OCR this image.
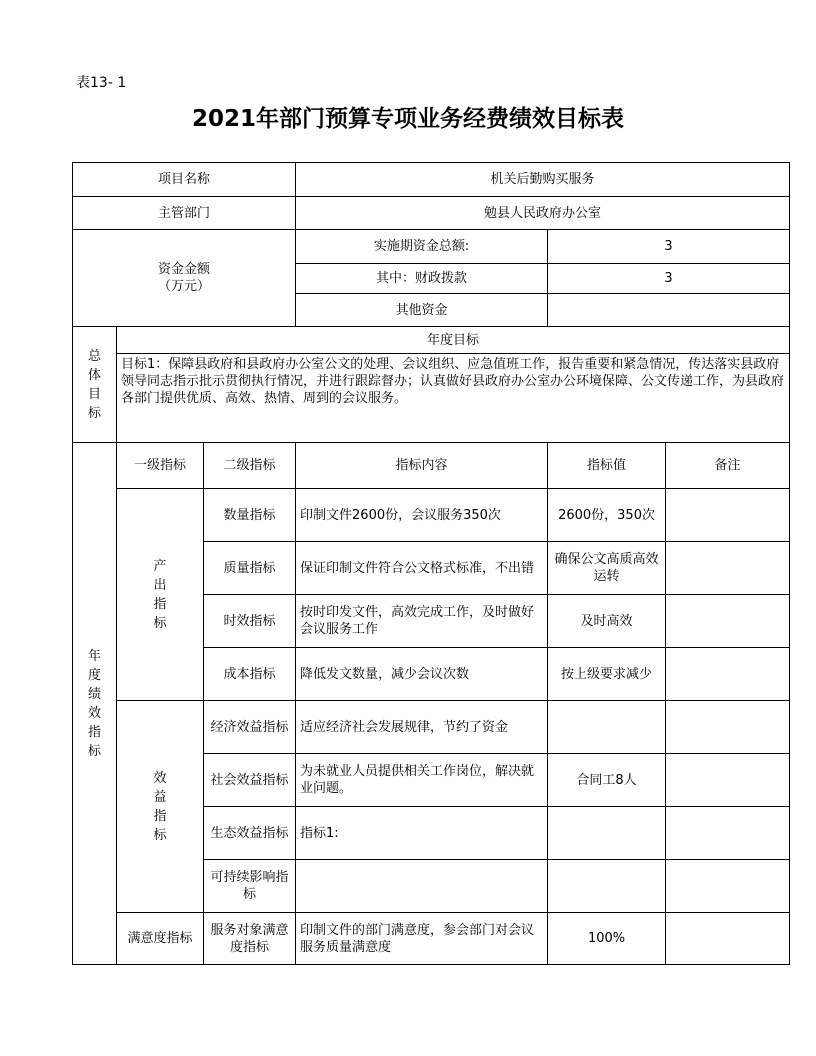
表13- 1
2021年部门预算专项业务经费绩效目标表
项目名称			机关后勤购买服务		
主管部门			勉县人民政府办公室		

资金金额
（万元）			实施期资金总额:	3	
			其中：财政拨款	3	
			其他资金		

总体目标	年度目标				
	目标1：保障县政府和县政府办公室公文的处理、会议组织、应急值班工作，报告重要和紧急情况，传达落实县政府领导同志指示批示贯彻执行情况，并进行跟踪督办；认真做好县政府办公室办公环境保障、公文传递工作，为县政府各部门提供优质、高效、热情、周到的会议服务。				

年度绩效指标	一级指标	二级指标	指标内容	指标值	备注

	产出指标	数量指标	印制文件2600份，会议服务350次	2600份，350次	
		质量指标	保证印制文件符合公文格式标准，不出错	确保公文高质高效运转	
		时效指标	按时印发文件，高效完成工作，及时做好会议服务工作	及时高效	
		成本指标	降低发文数量，减少会议次数	按上级要求减少	

	效益指标	经济效益指标	适应经济社会发展规律，节约了资金		
		社会效益指标	为未就业人员提供相关工作岗位，解决就业问题。	合同工8人	
		生态效益指标	指标1:		
		可持续影响指标			
	满意度指标	服务对象满意度指标	印制文件的部门满意度，参会部门对会议服务质量满意度	100%	
